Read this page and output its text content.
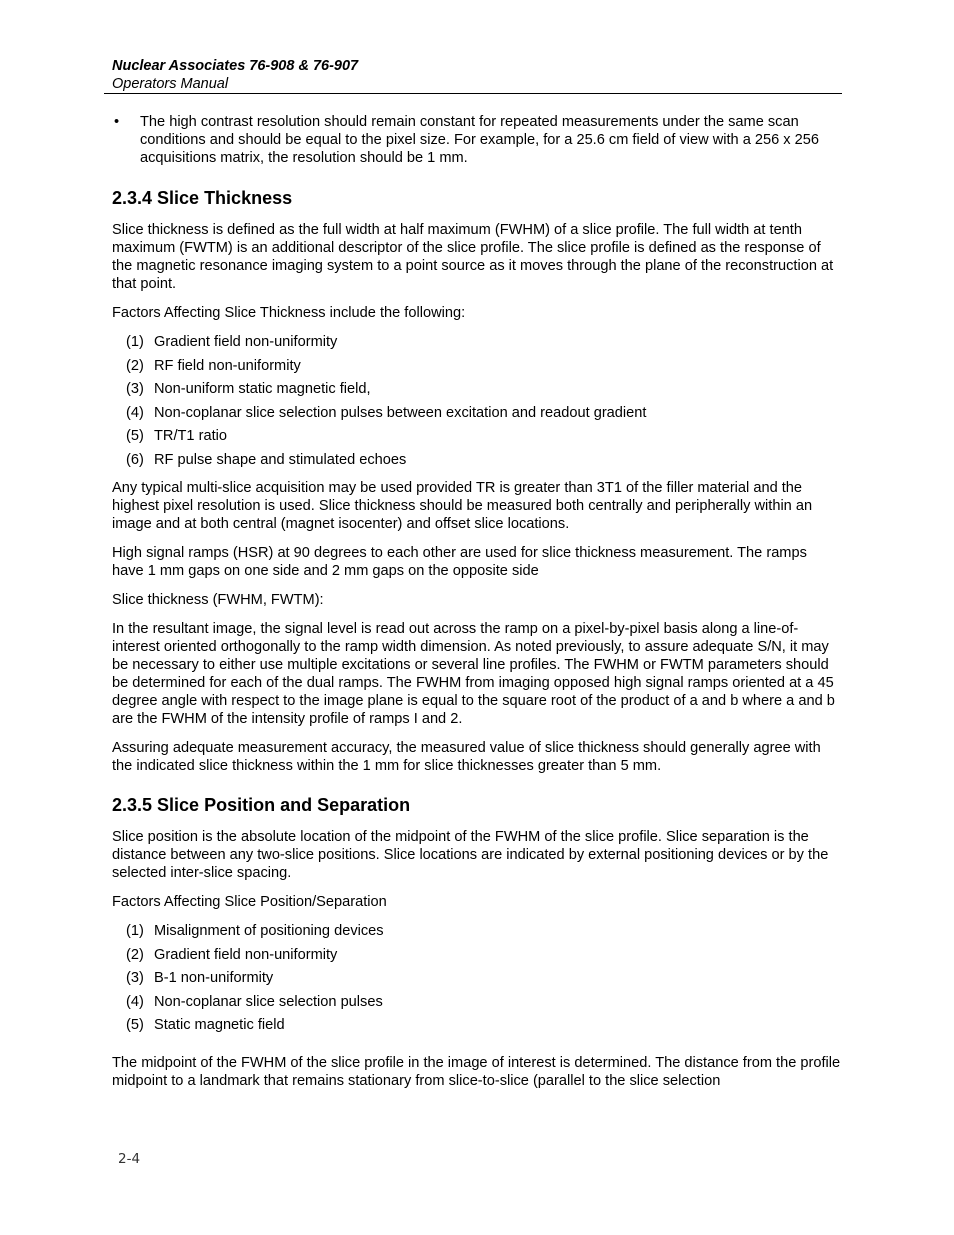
Nuclear Associates 76-908 & 76-907
Operators Manual
• The high contrast resolution should remain constant for repeated measurements under the same scan conditions and should be equal to the pixel size. For example, for a 25.6 cm field of view with a 256 x 256 acquisitions matrix, the resolution should be 1 mm.
2.3.4 Slice Thickness

Slice thickness is defined as the full width at half maximum (FWHM) of a slice profile. The full width at tenth maximum (FWTM) is an additional descriptor of the slice profile. The slice profile is defined as the response of the magnetic resonance imaging system to a point source as it moves through the plane of the reconstruction at that point.

Factors Affecting Slice Thickness include the following:

(1) Gradient field non-uniformity
(2) RF field non-uniformity
(3) Non-uniform static magnetic field,
(4) Non-coplanar slice selection pulses between excitation and readout gradient
(5) TR/T1 ratio
(6) RF pulse shape and stimulated echoes

Any typical multi-slice acquisition may be used provided TR is greater than 3T1 of the filler material and the highest pixel resolution is used. Slice thickness should be measured both centrally and peripherally within an image and at both central (magnet isocenter) and offset slice locations.

High signal ramps (HSR) at 90 degrees to each other are used for slice thickness measurement. The ramps have 1 mm gaps on one side and 2 mm gaps on the opposite side

Slice thickness (FWHM, FWTM):

In the resultant image, the signal level is read out across the ramp on a pixel-by-pixel basis along a line-of-interest oriented orthogonally to the ramp width dimension. As noted previously, to assure adequate S/N, it may be necessary to either use multiple excitations or several line profiles. The FWHM or FWTM parameters should be determined for each of the dual ramps. The FWHM from imaging opposed high signal ramps oriented at a 45 degree angle with respect to the image plane is equal to the square root of the product of a and b where a and b are the FWHM of the intensity profile of ramps I and 2.

Assuring adequate measurement accuracy, the measured value of slice thickness should generally agree with the indicated slice thickness within the 1 mm for slice thicknesses greater than 5 mm.

2.3.5 Slice Position and Separation

Slice position is the absolute location of the midpoint of the FWHM of the slice profile. Slice separation is the distance between any two-slice positions. Slice locations are indicated by external positioning devices or by the selected inter-slice spacing.

Factors Affecting Slice Position/Separation

(1) Misalignment of positioning devices
(2) Gradient field non-uniformity
(3) B-1 non-uniformity
(4) Non-coplanar slice selection pulses
(5) Static magnetic field

The midpoint of the FWHM of the slice profile in the image of interest is determined. The distance from the profile midpoint to a landmark that remains stationary from slice-to-slice (parallel to the slice selection

2-4
